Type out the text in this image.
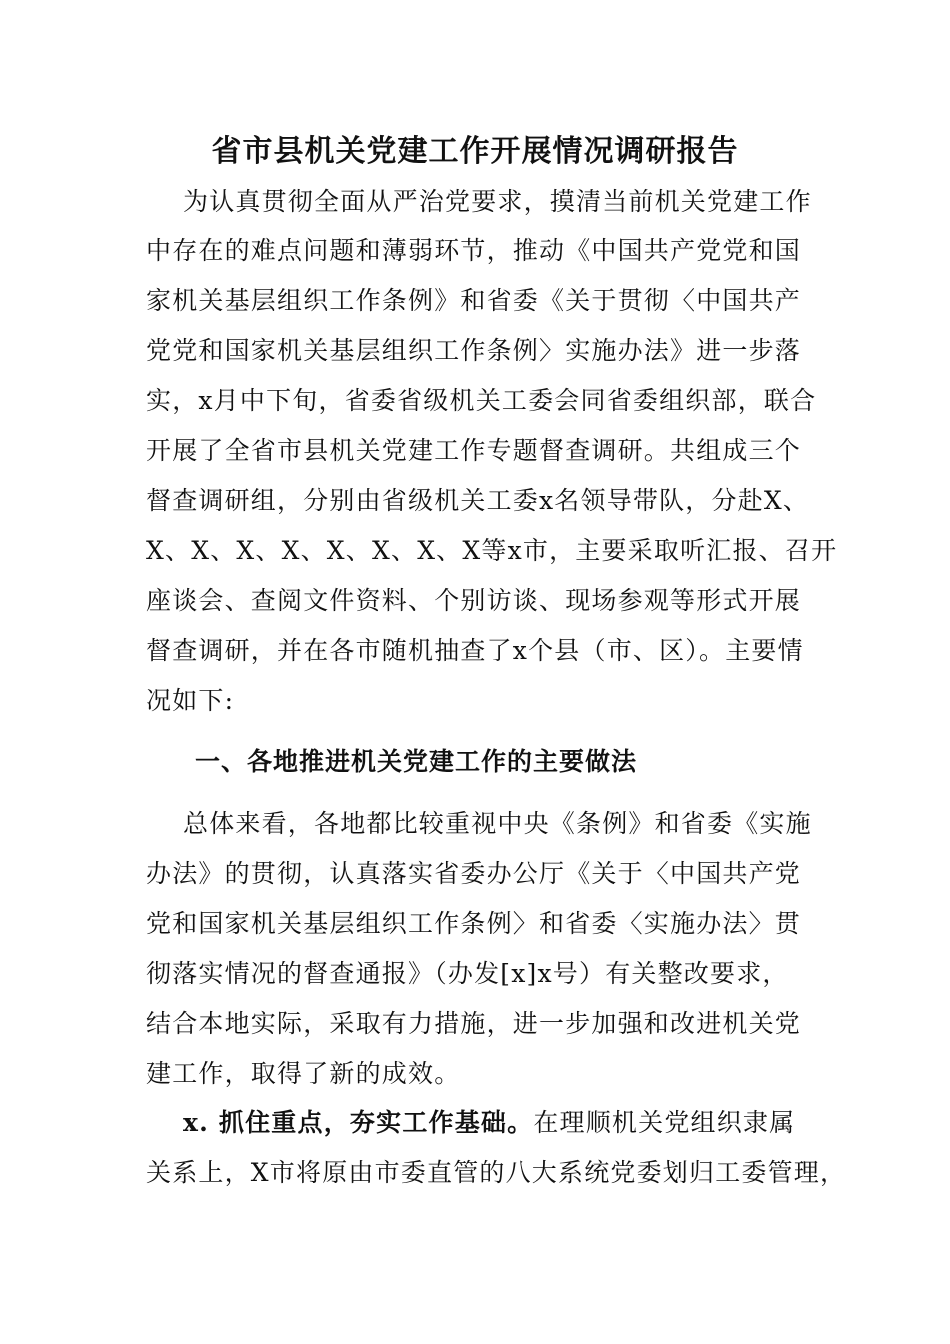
省市县机关党建工作开展情况调研报告
为认真贯彻全面从严治党要求，摸清当前机关党建工作
中存在的难点问题和薄弱环节，推动《中国共产党党和国
家机关基层组织工作条例》和省委《关于贯彻〈中国共产
党党和国家机关基层组织工作条例〉实施办法》进一步落
实，x月中下旬，省委省级机关工委会同省委组织部，联合
开展了全省市县机关党建工作专题督查调研。共组成三个
督查调研组，分别由省级机关工委x名领导带队，分赴X、
X、X、X、X、X、X、X、X等x市，主要采取听汇报、召开
座谈会、查阅文件资料、个别访谈、现场参观等形式开展
督查调研，并在各市随机抽查了x个县（市、区）。主要情
况如下:
一、各地推进机关党建工作的主要做法
总体来看，各地都比较重视中央《条例》和省委《实施
办法》的贯彻，认真落实省委办公厅《关于〈中国共产党
党和国家机关基层组织工作条例〉和省委〈实施办法〉贯
彻落实情况的督查通报》（办发[x]x号）有关整改要求，
结合本地实际，采取有力措施，进一步加强和改进机关党
建工作，取得了新的成效。
x. 抓住重点，夯实工作基础。在理顺机关党组织隶属
关系上，X市将原由市委直管的八大系统党委划归工委管理，
